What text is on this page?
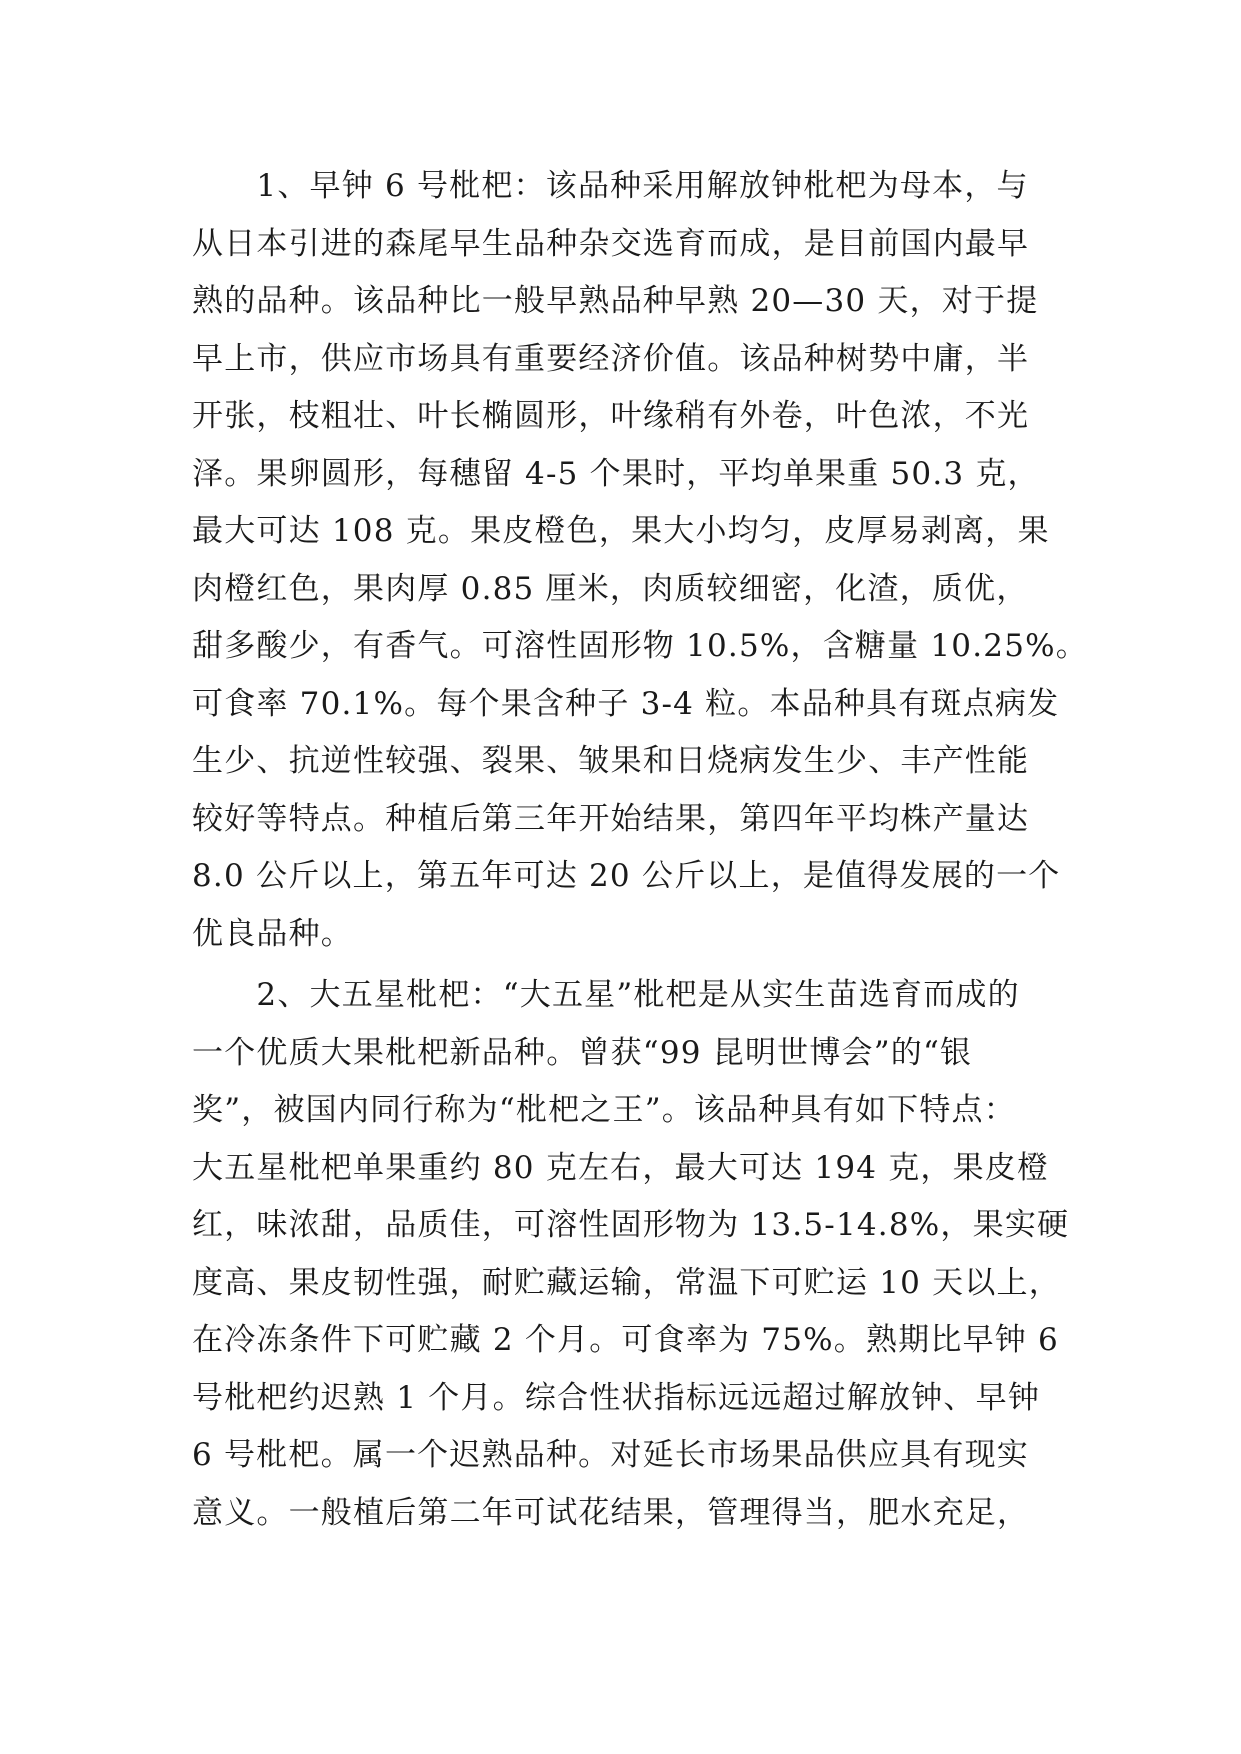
　　1、早钟 6 号枇杷：该品种采用解放钟枇杷为母本，与
从日本引进的森尾早生品种杂交选育而成，是目前国内最早
熟的品种。该品种比一般早熟品种早熟 20—30 天，对于提
早上市，供应市场具有重要经济价值。该品种树势中庸，半
开张，枝粗壮、叶长椭圆形，叶缘稍有外卷，叶色浓，不光
泽。果卵圆形，每穗留 4-5 个果时，平均单果重 50.3 克，
最大可达 108 克。果皮橙色，果大小均匀，皮厚易剥离，果
肉橙红色，果肉厚 0.85 厘米，肉质较细密，化渣，质优，
甜多酸少，有香气。可溶性固形物 10.5%，含糖量 10.25%。
可食率 70.1%。每个果含种子 3-4 粒。本品种具有斑点病发
生少、抗逆性较强、裂果、皱果和日烧病发生少、丰产性能
较好等特点。种植后第三年开始结果，第四年平均株产量达
8.0 公斤以上，第五年可达 20 公斤以上，是值得发展的一个
优良品种。
　　2、大五星枇杷：“大五星”枇杷是从实生苗选育而成的
一个优质大果枇杷新品种。曾获“99 昆明世博会”的“银
奖”，被国内同行称为“枇杷之王”。该品种具有如下特点：
大五星枇杷单果重约 80 克左右，最大可达 194 克，果皮橙
红，味浓甜，品质佳，可溶性固形物为 13.5-14.8%，果实硬
度高、果皮韧性强，耐贮藏运输，常温下可贮运 10 天以上，
在冷冻条件下可贮藏 2 个月。可食率为 75%。熟期比早钟 6
号枇杷约迟熟 1 个月。综合性状指标远远超过解放钟、早钟
6 号枇杷。属一个迟熟品种。对延长市场果品供应具有现实
意义。一般植后第二年可试花结果，管理得当，肥水充足，
